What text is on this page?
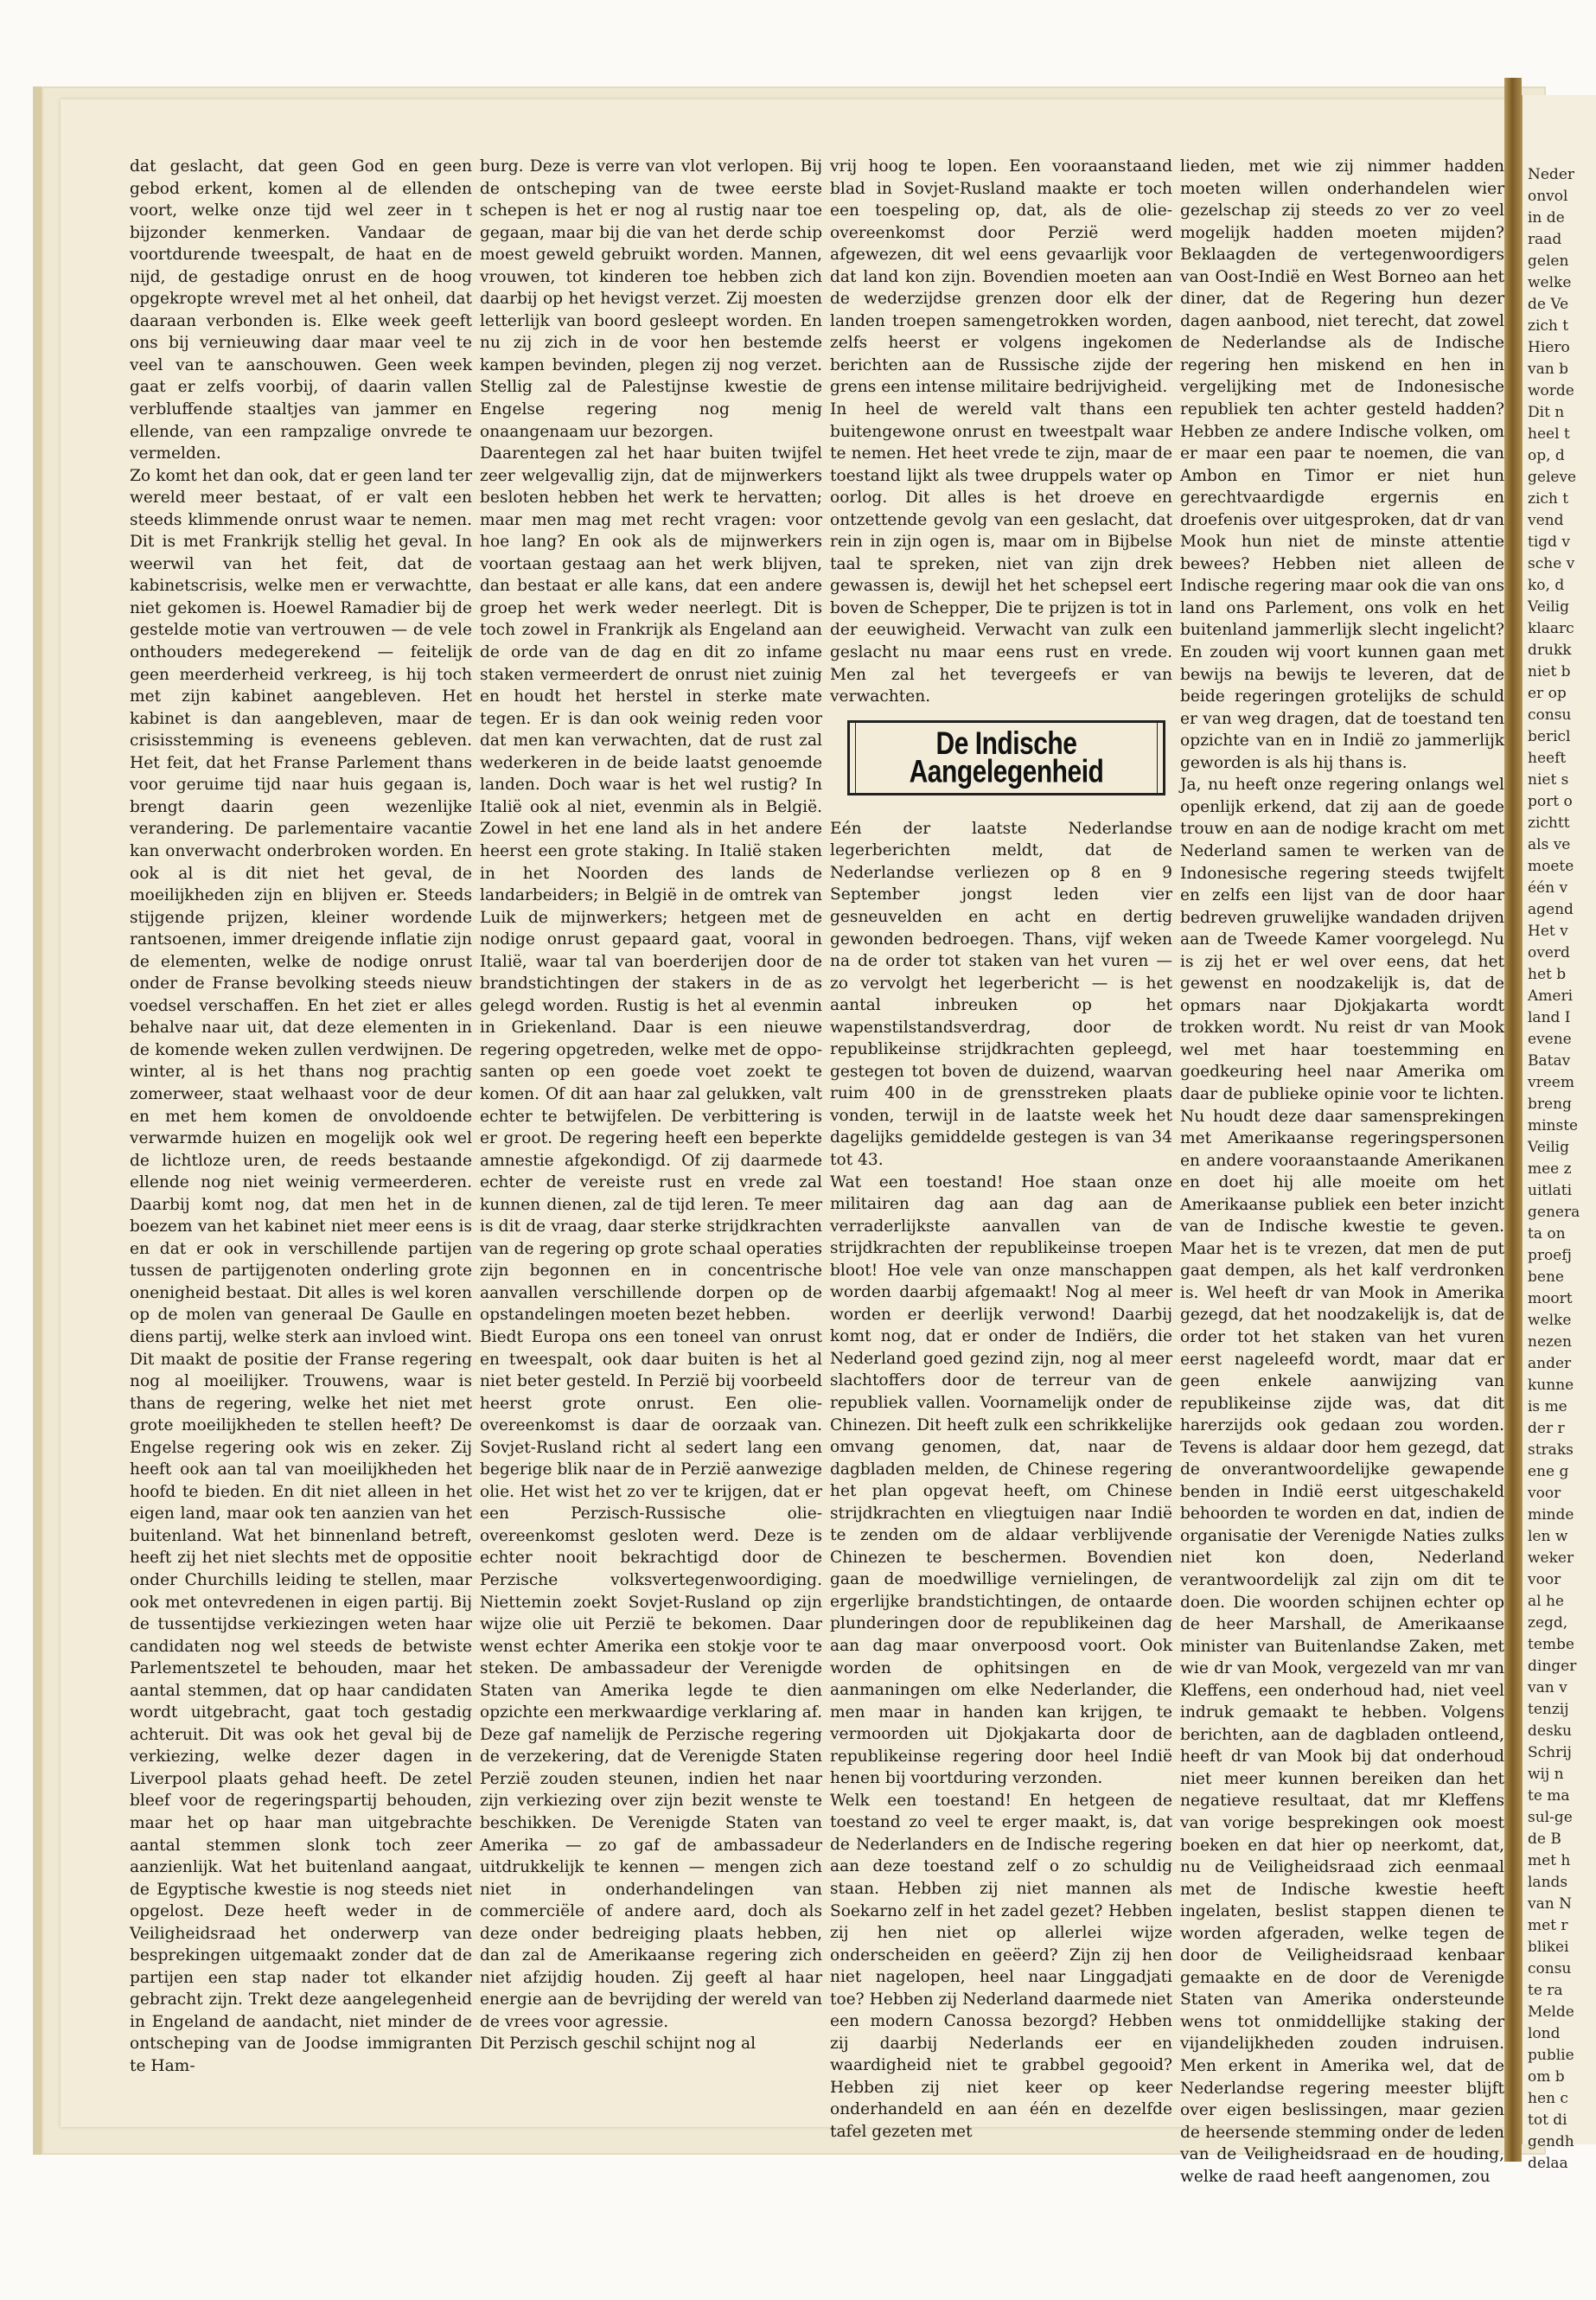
dat geslacht, dat geen God en geen gebod erkent, komen al de ellenden voort, welke onze tijd wel zeer in t bijzonder kenmerken. Vandaar de voortdurende tweespalt, de haat en de nijd, de gestadige onrust en de hoog opgekropte wrevel met al het onheil, dat daaraan verbonden is. Elke week geeft ons bij vernieuwing daar maar veel te veel van te aanschouwen. Geen week gaat er zelfs voorbij, of daarin vallen verbluffende staaltjes van jammer en ellende, van een rampzalige onvrede te vermelden.

Zo komt het dan ook, dat er geen land ter wereld meer bestaat, of er valt een steeds klimmende onrust waar te nemen. Dit is met Frankrijk stellig het geval. In weerwil van het feit, dat de kabinetscrisis, welke men er verwachtte, niet gekomen is. Hoewel Ramadier bij de gestelde motie van vertrouwen — de vele onthouders medegerekend — feitelijk geen meerderheid verkreeg, is hij toch met zijn kabinet aangebleven. Het kabinet is dan aangebleven, maar de crisisstemming is eveneens gebleven. Het feit, dat het Franse Parlement thans voor geruime tijd naar huis gegaan is, brengt daarin geen wezenlijke verandering. De parlementaire vacantie kan onverwacht onderbroken worden. En ook al is dit niet het geval, de moeilijkheden zijn en blijven er. Steeds stijgende prijzen, kleiner wordende rantsoenen, immer dreigende inflatie zijn de elementen, welke de nodige onrust onder de Franse bevolking steeds nieuw voedsel verschaffen. En het ziet er alles behalve naar uit, dat deze elementen in de komende weken zullen verdwijnen. De winter, al is het thans nog prachtig zomerweer, staat welhaast voor de deur en met hem komen de onvoldoende verwarmde huizen en mogelijk ook wel de lichtloze uren, de reeds bestaande ellende nog niet weinig vermeerderen. Daarbij komt nog, dat men het in de boezem van het kabinet niet meer eens is en dat er ook in verschillende partijen tussen de partijgenoten onderling grote onenigheid bestaat. Dit alles is wel koren op de molen van generaal De Gaulle en diens partij, welke sterk aan invloed wint. Dit maakt de positie der Franse regering nog al moeilijker. Trouwens, waar is thans de regering, welke het niet met grote moeilijkheden te stellen heeft? De Engelse regering ook wis en zeker. Zij heeft ook aan tal van moeilijkheden het hoofd te bieden. En dit niet alleen in het eigen land, maar ook ten aanzien van het buitenland. Wat het binnenland betreft, heeft zij het niet slechts met de oppositie onder Churchills leiding te stellen, maar ook met ontevredenen in eigen partij. Bij de tussentijdse verkiezingen weten haar candidaten nog wel steeds de betwiste Parlementszetel te behouden, maar het aantal stemmen, dat op haar candidaten wordt uitgebracht, gaat toch gestadig achteruit. Dit was ook het geval bij de verkiezing, welke dezer dagen in Liverpool plaats gehad heeft. De zetel bleef voor de regeringspartij behouden, maar het op haar man uitgebrachte aantal stemmen slonk toch zeer aanzienlijk. Wat het buitenland aangaat, de Egyptische kwestie is nog steeds niet opgelost. Deze heeft weder in de Veiligheidsraad het onderwerp van besprekingen uitgemaakt zonder dat de partijen een stap nader tot elkander gebracht zijn. Trekt deze aangelegenheid in Engeland de aandacht, niet minder de ontscheping van de Joodse immigranten te Ham-

burg. Deze is verre van vlot verlopen. Bij de ontscheping van de twee eerste schepen is het er nog al rustig naar toe gegaan, maar bij die van het derde schip moest geweld gebruikt worden. Mannen, vrouwen, tot kinderen toe hebben zich daarbij op het hevigst verzet. Zij moesten letterlijk van boord gesleept worden. En nu zij zich in de voor hen bestemde kampen bevinden, plegen zij nog verzet. Stellig zal de Palestijnse kwestie de Engelse regering nog menig onaangenaam uur bezorgen.

Daarentegen zal het haar buiten twijfel zeer welgevallig zijn, dat de mijnwerkers besloten hebben het werk te hervatten; maar men mag met recht vragen: voor hoe lang? En ook als de mijnwerkers voortaan gestaag aan het werk blijven, dan bestaat er alle kans, dat een andere groep het werk weder neerlegt. Dit is toch zowel in Frankrijk als Engeland aan de orde van de dag en dit zo infame staken vermeerdert de onrust niet zuinig en houdt het herstel in sterke mate tegen. Er is dan ook weinig reden voor dat men kan verwachten, dat de rust zal wederkeren in de beide laatst genoemde landen. Doch waar is het wel rustig? In Italië ook al niet, evenmin als in België. Zowel in het ene land als in het andere heerst een grote staking. In Italië staken in het Noorden des lands de landarbeiders; in België in de omtrek van Luik de mijnwerkers; hetgeen met de nodige onrust gepaard gaat, vooral in Italië, waar tal van boerderijen door de brandstichtingen der stakers in de as gelegd worden. Rustig is het al evenmin in Griekenland. Daar is een nieuwe regering opgetreden, welke met de oppo-santen op een goede voet zoekt te komen. Of dit aan haar zal gelukken, valt echter te betwijfelen. De verbittering is er groot. De regering heeft een beperkte amnestie afgekondigd. Of zij daarmede echter de vereiste rust en vrede zal kunnen dienen, zal de tijd leren. Te meer is dit de vraag, daar sterke strijdkrachten van de regering op grote schaal operaties zijn begonnen en in concentrische aanvallen verschillende dorpen op de opstandelingen moeten bezet hebben.

Biedt Europa ons een toneel van onrust en tweespalt, ook daar buiten is het al niet beter gesteld. In Perzië bij voorbeeld heerst grote onrust. Een olie-overeenkomst is daar de oorzaak van. Sovjet-Rusland richt al sedert lang een begerige blik naar de in Perzië aanwezige olie. Het wist het zo ver te krijgen, dat er een Perzisch-Russische olie-overeenkomst gesloten werd. Deze is echter nooit bekrachtigd door de Perzische volksvertegenwoordiging. Niettemin zoekt Sovjet-Rusland op zijn wijze olie uit Perzië te bekomen. Daar wenst echter Amerika een stokje voor te steken. De ambassadeur der Verenigde Staten van Amerika legde te dien opzichte een merkwaardige verklaring af. Deze gaf namelijk de Perzische regering de verzekering, dat de Verenigde Staten Perzië zouden steunen, indien het naar zijn verkiezing over zijn bezit wenste te beschikken. De Verenigde Staten van Amerika — zo gaf de ambassadeur uitdrukkelijk te kennen — mengen zich niet in onderhandelingen van commerciële of andere aard, doch als deze onder bedreiging plaats hebben, dan zal de Amerikaanse regering zich niet afzijdig houden. Zij geeft al haar energie aan de bevrijding der wereld van de vrees voor agressie.

Dit Perzisch geschil schijnt nog al

vrij hoog te lopen. Een vooraanstaand blad in Sovjet-Rusland maakte er toch een toespeling op, dat, als de olie-overeenkomst door Perzië werd afgewezen, dit wel eens gevaarlijk voor dat land kon zijn. Bovendien moeten aan de wederzijdse grenzen door elk der landen troepen samengetrokken worden, zelfs heerst er volgens ingekomen berichten aan de Russische zijde der grens een intense militaire bedrijvigheid.

In heel de wereld valt thans een buitengewone onrust en tweestpalt waar te nemen. Het heet vrede te zijn, maar de toestand lijkt als twee druppels water op oorlog. Dit alles is het droeve en ontzettende gevolg van een geslacht, dat rein in zijn ogen is, maar om in Bijbelse taal te spreken, niet van zijn drek gewassen is, dewijl het het schepsel eert boven de Schepper, Die te prijzen is tot in der eeuwigheid. Verwacht van zulk een geslacht nu maar eens rust en vrede. Men zal het tevergeefs er van verwachten.

De Indische Aangelegenheid

Eén der laatste Nederlandse legerberichten meldt, dat de Nederlandse verliezen op 8 en 9 September jongst leden vier gesneuvelden en acht en dertig gewonden bedroegen. Thans, vijf weken na de order tot staken van het vuren — zo vervolgt het legerbericht — is het aantal inbreuken op het wapenstilstandsverdrag, door de republikeinse strijdkrachten gepleegd, gestegen tot boven de duizend, waarvan ruim 400 in de grensstreken plaats vonden, terwijl in de laatste week het dagelijks gemiddelde gestegen is van 34 tot 43.

Wat een toestand! Hoe staan onze militairen dag aan dag aan de verraderlijkste aanvallen van de strijdkrachten der republikeinse troepen bloot! Hoe vele van onze manschappen worden daarbij afgemaakt! Nog al meer worden er deerlijk verwond! Daarbij komt nog, dat er onder de Indiërs, die Nederland goed gezind zijn, nog al meer slachtoffers door de terreur van de republiek vallen. Voornamelijk onder de Chinezen. Dit heeft zulk een schrikkelijke omvang genomen, dat, naar de dagbladen melden, de Chinese regering het plan opgevat heeft, om Chinese strijdkrachten en vliegtuigen naar Indië te zenden om de aldaar verblijvende Chinezen te beschermen. Bovendien gaan de moedwillige vernielingen, de ergerlijke brandstichtingen, de ontaarde plunderingen door de republikeinen dag aan dag maar onverpoosd voort. Ook worden de ophitsingen en de aanmaningen om elke Nederlander, die men maar in handen kan krijgen, te vermoorden uit Djokjakarta door de republikeinse regering door heel Indië henen bij voortduring verzonden.

Welk een toestand! En hetgeen de toestand zo veel te erger maakt, is, dat de Nederlanders en de Indische regering aan deze toestand zelf o zo schuldig staan. Hebben zij niet mannen als Soekarno zelf in het zadel gezet? Hebben zij hen niet op allerlei wijze onderscheiden en geëerd? Zijn zij hen niet nagelopen, heel naar Linggadjati toe? Hebben zij Nederland daarmede niet een modern Canossa bezorgd? Hebben zij daarbij Nederlands eer en waardigheid niet te grabbel gegooid? Hebben zij niet keer op keer onderhandeld en aan één en dezelfde tafel gezeten met

lieden, met wie zij nimmer hadden moeten willen onderhandelen wier gezelschap zij steeds zo ver zo veel mogelijk hadden moeten mijden? Beklaagden de vertegenwoordigers van Oost-Indië en West Borneo aan het diner, dat de Regering hun dezer dagen aanbood, niet terecht, dat zowel de Nederlandse als de Indische regering hen miskend en hen in vergelijking met de Indonesische republiek ten achter gesteld hadden? Hebben ze andere Indische volken, om er maar een paar te noemen, die van Ambon en Timor er niet hun gerechtvaardigde ergernis en droefenis over uitgesproken, dat dr van Mook hun niet de minste attentie bewees? Hebben niet alleen de Indische regering maar ook die van ons land ons Parlement, ons volk en het buitenland jammerlijk slecht ingelicht? En zouden wij voort kunnen gaan met bewijs na bewijs te leveren, dat de beide regeringen grotelijks de schuld er van weg dragen, dat de toestand ten opzichte van en in Indië zo jammerlijk geworden is als hij thans is.

Ja, nu heeft onze regering onlangs wel openlijk erkend, dat zij aan de goede trouw en aan de nodige kracht om met Nederland samen te werken van de Indonesische regering steeds twijfelt en zelfs een lijst van de door haar bedreven gruwelijke wandaden drijven aan de Tweede Kamer voorgelegd. Nu is zij het er wel over eens, dat het gewenst en noodzakelijk is, dat de opmars naar Djokjakarta wordt trokken wordt. Nu reist dr van Mook wel met haar toestemming en goedkeuring heel naar Amerika om daar de publieke opinie voor te lichten. Nu houdt deze daar samensprekingen met Amerikaanse regeringspersonen en andere vooraanstaande Amerikanen en doet hij alle moeite om het Amerikaanse publiek een beter inzicht van de Indische kwestie te geven. Maar het is te vrezen, dat men de put gaat dempen, als het kalf verdronken is. Wel heeft dr van Mook in Amerika gezegd, dat het noodzakelijk is, dat de order tot het staken van het vuren eerst nageleefd wordt, maar dat er geen enkele aanwijzing van republikeinse zijde was, dat dit harerzijds ook gedaan zou worden. Tevens is aldaar door hem gezegd, dat de onverantwoordelijke gewapende benden in Indië eerst uitgeschakeld behoorden te worden en dat, indien de organisatie der Verenigde Naties zulks niet kon doen, Nederland verantwoordelijk zal zijn om dit te doen. Die woorden schijnen echter op de heer Marshall, de Amerikaanse minister van Buitenlandse Zaken, met wie dr van Mook, vergezeld van mr van Kleffens, een onderhoud had, niet veel indruk gemaakt te hebben. Volgens berichten, aan de dagbladen ontleend, heeft dr van Mook bij dat onderhoud niet meer kunnen bereiken dan het negatieve resultaat, dat mr Kleffens van vorige besprekingen ook moest boeken en dat hier op neerkomt, dat, nu de Veiligheidsraad zich eenmaal met de Indische kwestie heeft ingelaten, beslist stappen dienen te worden afgeraden, welke tegen de door de Veiligheidsraad kenbaar gemaakte en de door de Verenigde Staten van Amerika ondersteunde wens tot onmiddellijke staking der vijandelijkheden zouden indruisen. Men erkent in Amerika wel, dat de Nederlandse regering meester blijft over eigen beslissingen, maar gezien de heersende stemming onder de leden van de Veiligheidsraad en de houding, welke de raad heeft aangenomen, zou

Neder
onvol
in de
raad
gelen
welke
de Ve
zich t
Hiero
van b
worde
Dit n
heel t
op, d
geleve
zich t
vend
tigd v
sche v
ko, d
Veilig
klaarc
drukk
niet b
er op
consu
bericl
heeft
niet s
port o
zichtt
als ve
moete
één v
agend
Het v
overd
het b
Ameri
land I
evene
Batav
vreem
breng
minste
Veilig
mee z
uitlati
genera
ta on
proefj
bene
moort
welke
nezen
ander
kunne
is me
der r
straks
ene g
voor
minde
len w
weker
voor
al he
zegd,
tembe
dinger
van v
tenzij
desku
Schrij
wij n
te ma
sul-ge
de B
met h
lands
van N
met r
blikei
consu
te ra
Melde
lond
publie
om b
hen c
tot di
gendh
delaa
